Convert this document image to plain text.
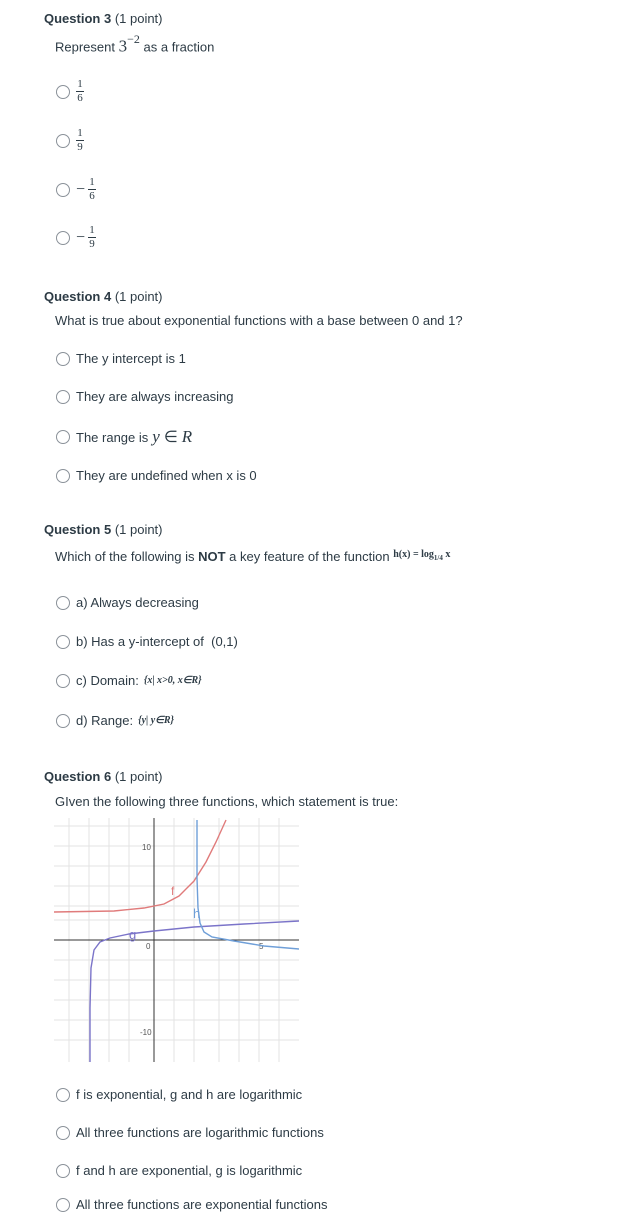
Question 3 (1 point)
Represent $3^{-2}$ as a fraction
$\frac{1}{6}$
$\frac{1}{9}$
− $\frac{1}{6}$
− $\frac{1}{9}$
Question 4 (1 point)
What is true about exponential functions with a base between 0 and 1?
The y intercept is 1
They are always increasing
The range is y ∈ R
They are undefined when x is 0
Question 5 (1 point)
Which of the following is NOT a key feature of the function $^{h(x) = log_{1/4} x}$
a) Always decreasing
b) Has a y-intercept of  (0,1)
c) Domain: {x| x>0, x∈R}
d) Range: {y| y∈R}
Question 6 (1 point)
GIven the following three functions, which statement is true:
10
0
-10
5
f
g
h
f is exponential, g and h are logarithmic
All three functions are logarithmic functions
f and h are exponential, g is logarithmic
All three functions are exponential functions
